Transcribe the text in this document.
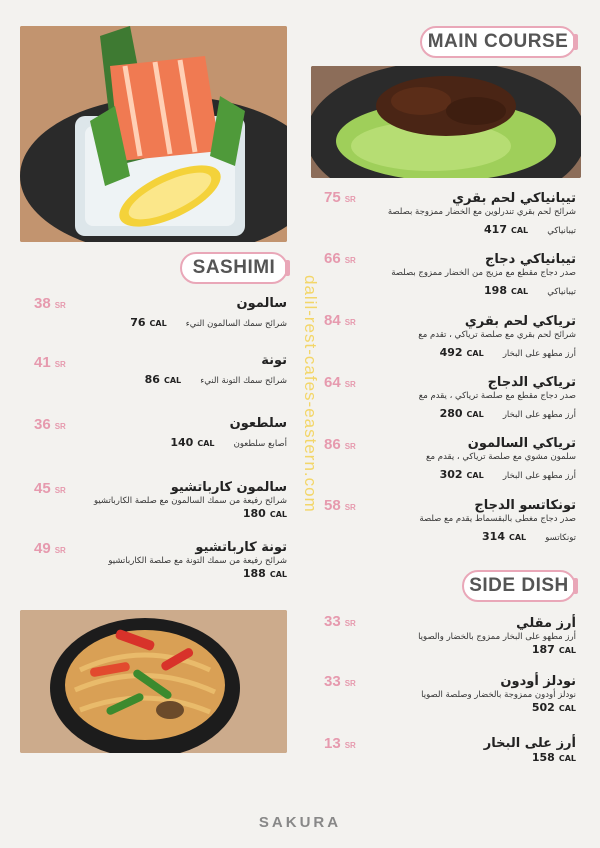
MAIN COURSE
SASHIMI
SIDE DISH
تيبانياكي لحم بقري
شرائح لحم بقري تندرلوين مع الخضار ممزوجة بصلصة
تيبانياكي 417 CAL
75 SR
تيبانياكي دجاج
صدر دجاج مقطع مع مزيج من الخضار ممزوج بصلصة
تيبانياكي 198 CAL
66 SR
ترياكي لحم بقري
شرائح لحم بقري مع صلصة ترياكي ، تقدم مع
أرز مطهو على البخار 492 CAL
84 SR
ترياكي الدجاج
صدر دجاج مقطع مع صلصة ترياكي ، يقدم مع
أرز مطهو على البخار 280 CAL
64 SR
ترياكي السالمون
سلمون مشوي مع صلصة ترياكي ، يقدم مع
أرز مطهو على البخار 302 CAL
86 SR
تونكاتسو الدجاج
صدر دجاج مغطى بالبقسماط يقدم مع صلصة
تونكاتسو 314 CAL
58 SR
سالمون
شرائح سمك السالمون النيء 76 CAL
38 SR
تونة
شرائح سمك التونة النيء 86 CAL
41 SR
سلطعون
أصابع سلطعون 140 CAL
36 SR
سالمون كارباتشيو
شرائح رفيعة من سمك السالمون مع صلصة الكارباتشيو
180 CAL
45 SR
تونة كارباتشيو
شرائح رفيعة من سمك التونة مع صلصة الكارباتشيو
188 CAL
49 SR
أرز مقلي
أرز مطهو على البخار ممزوج بالخضار والصويا
187 CAL
33 SR
نودلز أودون
نودلز أودون ممزوجة بالخضار وصلصة الصويا
502 CAL
33 SR
أرز على البخار
158 CAL
13 SR
dalil-rest-cafes-eastern.com
SAKURA
